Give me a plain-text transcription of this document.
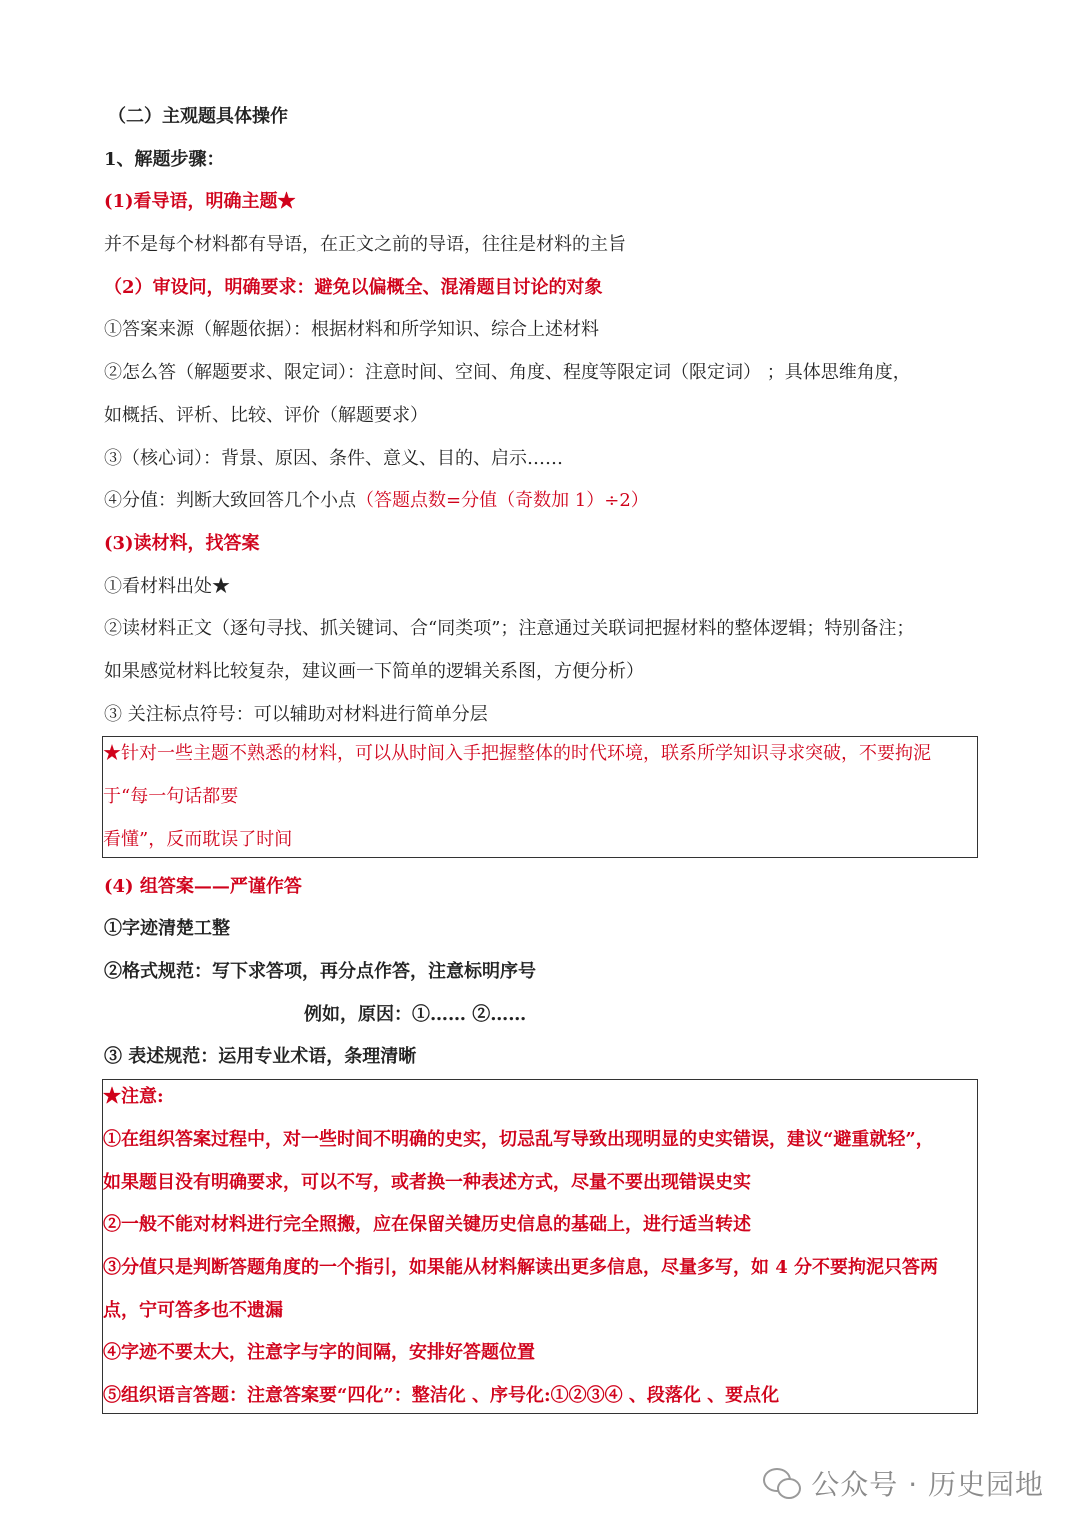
（二）主观题具体操作
1、解题步骤：
(1)看导语，明确主题★
并不是每个材料都有导语，在正文之前的导语，往往是材料的主旨
（2）审设问，明确要求：避免以偏概全、混淆题目讨论的对象
①答案来源（解题依据）：根据材料和所学知识、综合上述材料
②怎么答（解题要求、限定词）：注意时间、空间、角度、程度等限定词（限定词） ；具体思维角度，
如概括、评析、比较、评价（解题要求）
③（核心词）：背景、原因、条件、意义、目的、启示……
④分值：判断大致回答几个小点（答题点数=分值（奇数加 1）÷2）
(3)读材料，找答案
①看材料出处★
②读材料正文（逐句寻找、抓关键词、合“同类项”；注意通过关联词把握材料的整体逻辑；特别备注；
如果感觉材料比较复杂，建议画一下简单的逻辑关系图，方便分析）
③ 关注标点符号：可以辅助对材料进行简单分层
★针对一些主题不熟悉的材料，可以从时间入手把握整体的时代环境，联系所学知识寻求突破，不要拘泥
于“每一句话都要
看懂”，反而耽误了时间
(4) 组答案——严谨作答
①字迹清楚工整
②格式规范：写下求答项，再分点作答，注意标明序号
例如，原因：①…… ②……
③ 表述规范：运用专业术语，条理清晰
★注意:
①在组织答案过程中，对一些时间不明确的史实，切忌乱写导致出现明显的史实错误，建议“避重就轻”，
如果题目没有明确要求，可以不写，或者换一种表述方式，尽量不要出现错误史实
②一般不能对材料进行完全照搬，应在保留关键历史信息的基础上，进行适当转述
③分值只是判断答题角度的一个指引，如果能从材料解读出更多信息，尽量多写，如 4 分不要拘泥只答两
点，宁可答多也不遗漏
④字迹不要太大，注意字与字的间隔，安排好答题位置
⑤组织语言答题：注意答案要“四化”：整洁化 、序号化:①②③④ 、段落化 、要点化
公众号 · 历史园地
